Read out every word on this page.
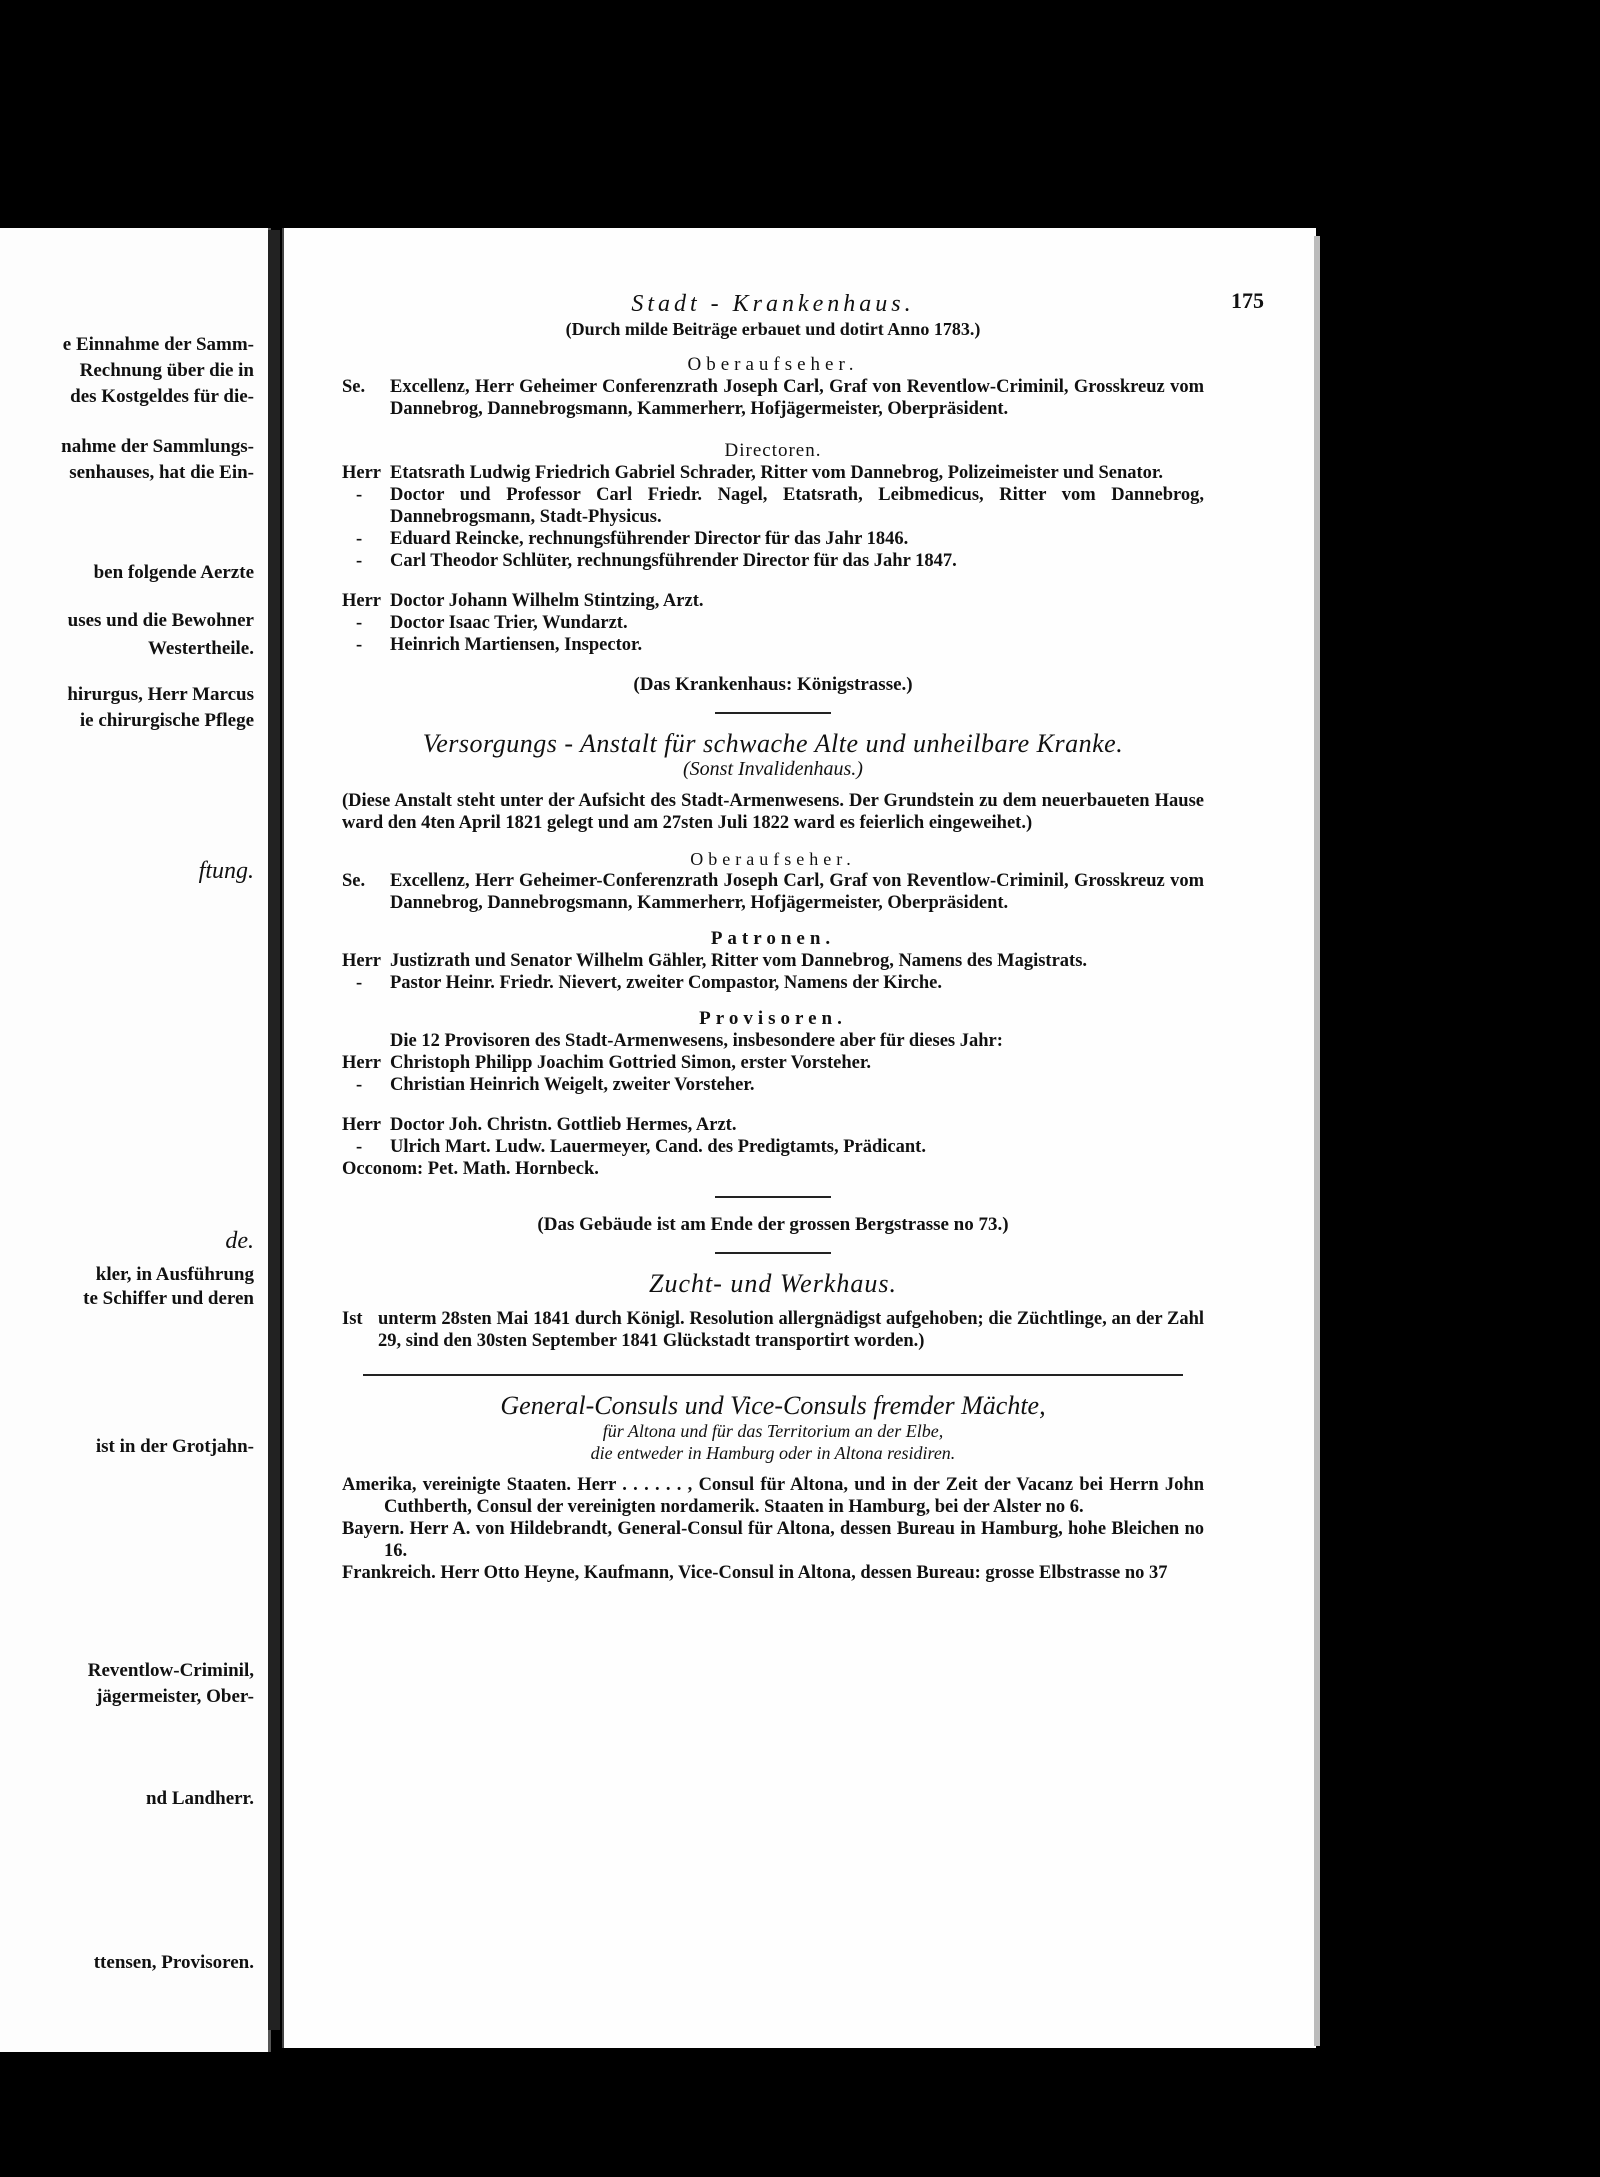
e Einnahme der Samm-
Rechnung über die in
des Kostgeldes für die-
nahme der Sammlungs-
senhauses, hat die Ein-
ben folgende Aerzte
uses und die Bewohner
Westertheile.
hirurgus, Herr Marcus
ie chirurgische Pflege
ftung.
de.
kler, in Ausführung
te Schiffer und deren
ist in der Grotjahn-
Reventlow-Criminil,
jägermeister, Ober-
nd Landherr.
ttensen, Provisoren.
175
Stadt - Krankenhaus.
(Durch milde Beiträge erbauet und dotirt Anno 1783.)
Oberaufseher.
Se.	Excellenz, Herr Geheimer Conferenzrath Joseph Carl, Graf von Reventlow-Criminil, Grosskreuz vom Dannebrog, Dannebrogsmann, Kammerherr, Hofjägermeister, Oberpräsident.
Directoren.
Herr Etatsrath Ludwig Friedrich Gabriel Schrader, Ritter vom Dannebrog, Polizeimeister und Senator.
-	Doctor und Professor Carl Friedr. Nagel, Etatsrath, Leibmedicus, Ritter vom Dannebrog, Dannebrogsmann, Stadt-Physicus.
-	Eduard Reincke, rechnungsführender Director für das Jahr 1846.
-	Carl Theodor Schlüter, rechnungsführender Director für das Jahr 1847.
Herr Doctor Johann Wilhelm Stintzing, Arzt.
-	Doctor Isaac Trier, Wundarzt.
-	Heinrich Martiensen, Inspector.
(Das Krankenhaus: Königstrasse.)
Versorgungs - Anstalt für schwache Alte und unheilbare Kranke.
(Sonst Invalidenhaus.)
(Diese Anstalt steht unter der Aufsicht des Stadt-Armenwesens. Der Grundstein zu dem neuerbaueten Hause ward den 4ten April 1821 gelegt und am 27sten Juli 1822 ward es feierlich eingeweihet.)
Oberaufseher.
Se.	Excellenz, Herr Geheimer-Conferenzrath Joseph Carl, Graf von Reventlow-Criminil, Grosskreuz vom Dannebrog, Dannebrogsmann, Kammerherr, Hofjägermeister, Oberpräsident.
Patronen.
Herr Justizrath und Senator Wilhelm Gähler, Ritter vom Dannebrog, Namens des Magistrats.
-	Pastor Heinr. Friedr. Nievert, zweiter Compastor, Namens der Kirche.
Provisoren.
Die 12 Provisoren des Stadt-Armenwesens, insbesondere aber für dieses Jahr:
Herr Christoph Philipp Joachim Gottried Simon, erster Vorsteher.
-	Christian Heinrich Weigelt, zweiter Vorsteher.
Herr Doctor Joh. Christn. Gottlieb Hermes, Arzt.
-	Ulrich Mart. Ludw. Lauermeyer, Cand. des Predigtamts, Prädicant.
Occonom: Pet. Math. Hornbeck.
(Das Gebäude ist am Ende der grossen Bergstrasse no 73.)
Zucht- und Werkhaus.
Ist unterm 28sten Mai 1841 durch Königl. Resolution allergnädigst aufgehoben; die Züchtlinge, an der Zahl 29, sind den 30sten September 1841 Glückstadt transportirt worden.)
General-Consuls und Vice-Consuls fremder Mächte,
für Altona und für das Territorium an der Elbe,
die entweder in Hamburg oder in Altona residiren.
Amerika, vereinigte Staaten. Herr . . . . . . , Consul für Altona, und in der Zeit der Vacanz bei Herrn John Cuthberth, Consul der vereinigten nordamerik. Staaten in Hamburg, bei der Alster no 6.
Bayern. Herr A. von Hildebrandt, General-Consul für Altona, dessen Bureau in Hamburg, hohe Bleichen no 16.
Frankreich. Herr Otto Heyne, Kaufmann, Vice-Consul in Altona, dessen Bureau: grosse Elbstrasse no 37
